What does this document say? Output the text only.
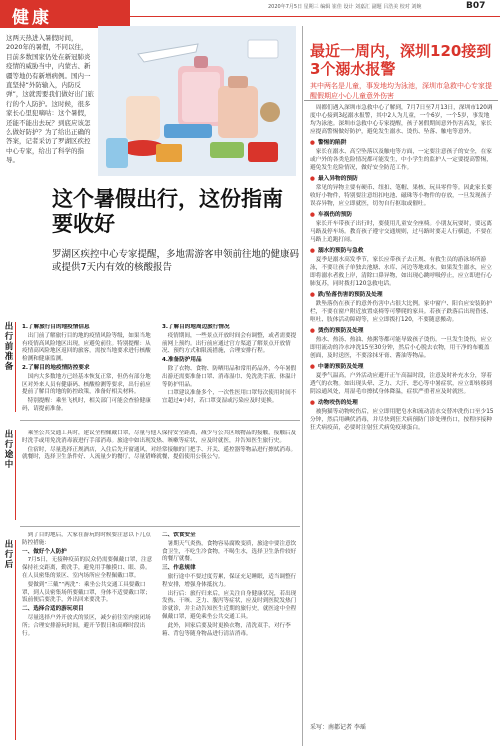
健康
2020年7月5日 星期三 编辑 崔佳 设计 刘嘉汇 副题 吕浩美 校对 刘婉	B07
这两天热进入暑假时间，2020年的暑假，不同以往，目前多数国家仍处在新冠肺炎疫情的威胁当中，内蒙古、新疆等地仍有新增病例。国内一直坚持“外防输入，内防反弹”，这就需要我们做好出门旅行的个人防护。这时候，很多家长心里犯嘀咕：这个暑假，还能不能出去玩？到底应该怎么做好防护？为了给出正确的答案，记者采访了罗湖区疾控中心专家，给出了科学的指导。
这个暑假出行，这份指南要收好
罗湖区疾控中心专家提醒，多地需游客申领前往地的健康码或提供7天内有效的核酸报告
最近一周内，深圳120接到3个溺水报警
其中两名是儿童，事发地均为泳池，深圳市急救中心专家提醒假期应小心儿童意外伤害
出行前准备
出行途中
出行后

1.了解旅行目的地疫情信息

出门前了解旅行目的地的疫情风险等级，如果当地有疫情高风险地区出现，应避免前往。特别提醒：从疫情高风险地区返回的旅客，需按当地要求进行核酸检测和健康监测。

2.了解目的地疫情防控要求

国内大多数地方已经基本恢复正常，但仍有部分地区对外来人员有健康码、核酸检测等要求，出行前应提前了解目的地的防控政策，准备好相关材料。

特别提醒：乘坐飞机时，相关部门可能会查验健康码，请提前准备。

3.了解目的地周边旅行情况

疫情期间，一些景点开放时间会有调整，或者需要提前网上预约。出行前应通过官方渠道了解景点开放情况、预约方式和限流措施，合理安排行程。

4.准备防护用品

除了衣物、食物、防晒用品和常用药品外，今年暑假出游还需要准备口罩、消毒湿巾、免洗洗手液、体温计等防护用品。

口罩建议准备多个，一次性医用口罩每次使用时间不宜超过4小时，若口罩变湿或污染应及时更换。

乘坐公共交通工具时，建议全程佩戴口罩，尽量与他人保持安全距离，减少与公共区域物品的接触，接触后及时洗手或用免洗消毒液进行手部消毒。旅途中如出现发热、咳嗽等症状，应及时就医，并告知医生旅行史。

住宿时，尽量选择正规酒店，入住后先开窗通风，对经常接触的门把手、开关、遥控器等物品进行擦拭消毒。就餐时，选择卫生条件好、人流量少的餐厅，尽量错峰就餐，提倡使用公筷公勺。

到了目的地后，大家在游玩的时候要注意以下几点防控措施：

一、做好个人防护

7月5日，无接种疫苗的民众仍需要佩戴口罩，注意保持社交距离，勤洗手，避免用手触摸口、眼、鼻。在人员密集的景区、室内场所应全程佩戴口罩。

要做到“三戴”“两洗”：乘坐公共交通工具要戴口罩，到人员密集场所要戴口罩，身体不适要戴口罩；饭前便后要洗手，外出回来要洗手。

二、选择合适的游玩项目

尽量选择户外开放式的景区，减少前往室内密闭场所；合理安排游玩时间，避开节假日和高峰时段出行。

二、饮食安全

暑期天气炎热，食物容易腐败变质，旅途中要注意饮食卫生，不吃生冷食物，不喝生水，选择卫生条件较好的餐厅就餐。

三、作息规律

旅行途中不要过度劳累，保证充足睡眠，适当调整行程安排，增强身体抵抗力。

出行后：旅行归来后，应关注自身健康状况，若出现发热、干咳、乏力、腹泻等症状，应及时到医院发热门诊就诊，并主动告知医生近期的旅行史，就医途中全程佩戴口罩，避免乘坐公共交通工具。

此外，回家后要及时更换衣物，清洗双手，对行李箱、背包等随身物品进行清洁消毒。

周都们遇入深圳市急救中心了解到，7月7日至7月13日，深圳市120调度中心接到3起溺水报警，其中2人为儿童，一个6岁，一个5岁，事发地均为泳池。深圳市急救中心专家提醒，孩子暑假期间意外伤害高发，家长应提高警惕做好防护，避免发生溺水、烫伤、坠落、触电等意外。

● 警惕的陷阱

家长在溺水、高空坠落以及触电等方面，一定要注意孩子的安全，在家或户外的各类危险情况都可能发生，中小学生的监护人一定要提高警惕，避免发生危险情况，做好安全防范工作。

● 最入异物的预防

常见的异物主要有硬币、纽扣、笔帽、果核、玩具零件等。因此家长要收好小物件，特别要注意纽扣电池、磁珠等小物件的存放，一旦发现孩子误吞异物，应立即就医，切勿自行抠取或催吐。

● 车祸伤的预防

家长开车带孩子出行时，要使用儿童安全座椅。小朋友玩耍时，要远离马路及停车场。教育孩子遵守交通规则，过马路时要走人行横道，不要在马路上追跑打闹。

● 溺水的预防与急救

夏季是溺水高发季节，家长应带孩子去正规、有救生员的游泳场所游泳，不要让孩子单独去池塘、水库、河边等地戏水。如果发生溺水，应立即将溺水者救上岸，清除口鼻异物，如出现心跳呼吸停止，应立即进行心肺复苏，同时拨打120急救电话。

● 跌/坠落伤害的预防及处理

跌坠落伤在孩子的意外伤害中占很大比例。家中窗户、阳台应安装防护栏，不要在窗户附近放置桌椅等可攀爬的家具。若孩子跌落后出现昏迷、呕吐、肢体活动障碍等，应立即拨打120，不要随意搬动。

● 烫伤的预防及处理

热水、热汤、热油、热粥等都可能导致孩子烫伤。一旦发生烫伤，应立即用流动的冷水冲洗15至30分钟，然后小心脱去衣物，用干净的布覆盖创面，及时送医，不要涂抹牙膏、酱油等物品。

● 中暑的预防及处理

夏季气温高，户外活动应避开正午高温时段，注意及时补充水分，穿着透气的衣物。如出现头晕、乏力、大汗、恶心等中暑症状，应立即转移到阴凉通风处，用湿毛巾擦拭身体降温，症状严重者应及时就医。

● 动物咬伤的处理

被狗猫等动物咬伤后，应立即用肥皂水和流动清水交替冲洗伤口至少15分钟，然后用碘伏消毒，并尽快到狂犬病预防门诊处理伤口，按程序接种狂犬病疫苗，必要时注射狂犬病免疫球蛋白。

采写：南都记者 李瑶
